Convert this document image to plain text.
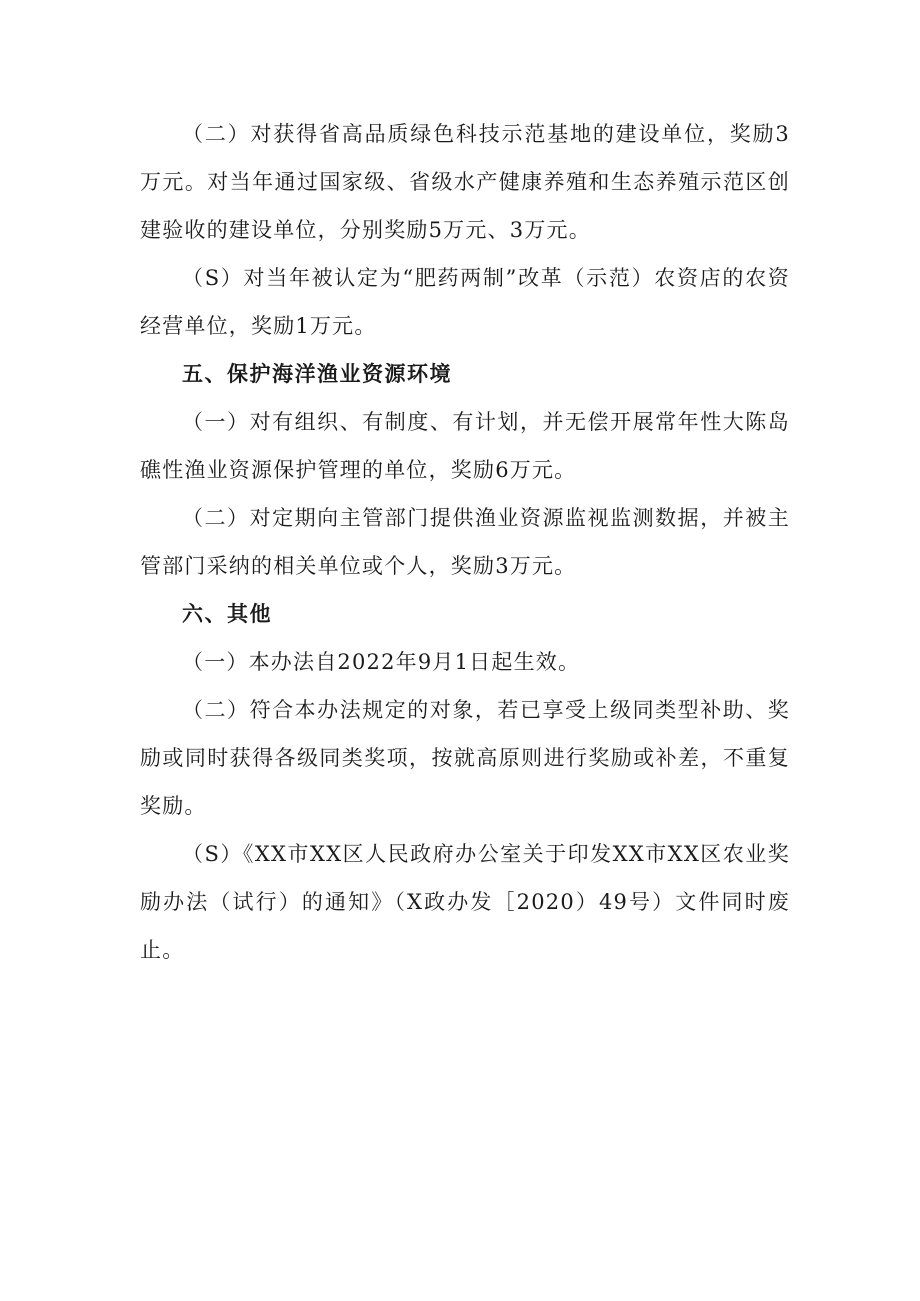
（二）对获得省高品质绿色科技示范基地的建设单位，奖励3万元。对当年通过国家级、省级水产健康养殖和生态养殖示范区创建验收的建设单位，分别奖励5万元、3万元。

（S）对当年被认定为“肥药两制”改革（示范）农资店的农资经营单位，奖励1万元。

五、保护海洋渔业资源环境

（一）对有组织、有制度、有计划，并无偿开展常年性大陈岛礁性渔业资源保护管理的单位，奖励6万元。

（二）对定期向主管部门提供渔业资源监视监测数据，并被主管部门采纳的相关单位或个人，奖励3万元。

六、其他

（一）本办法自2022年9月1日起生效。

（二）符合本办法规定的对象，若已享受上级同类型补助、奖励或同时获得各级同类奖项，按就高原则进行奖励或补差，不重复奖励。

（S）《XX市XX区人民政府办公室关于印发XX市XX区农业奖励办法（试行）的通知》（X政办发［2020）49号）文件同时废止。
